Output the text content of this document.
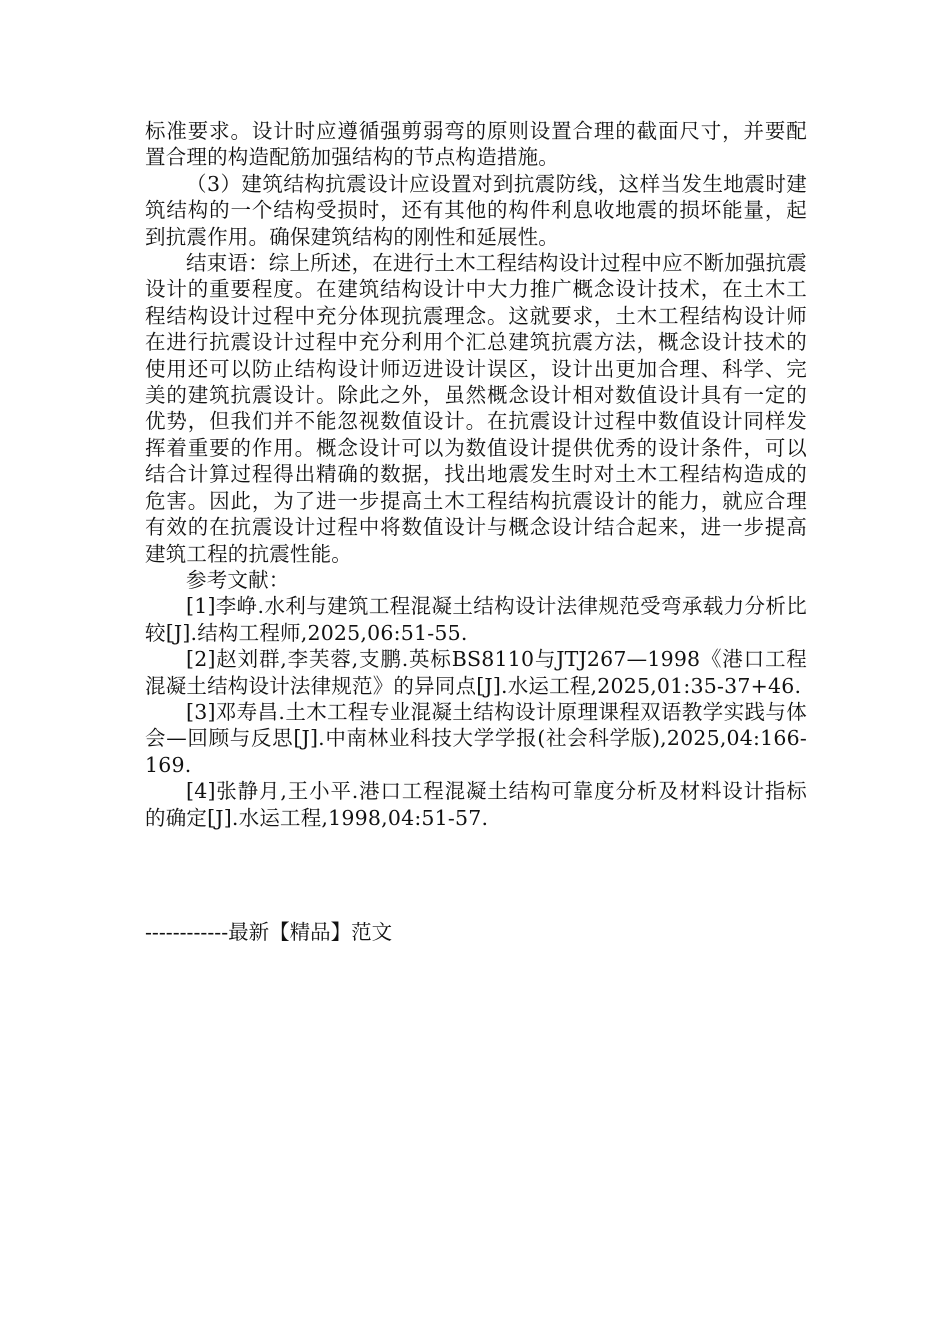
标准要求。设计时应遵循强剪弱弯的原则设置合理的截面尺寸，并要配置合理的构造配筋加强结构的节点构造措施。

（3）建筑结构抗震设计应设置对到抗震防线，这样当发生地震时建筑结构的一个结构受损时，还有其他的构件利息收地震的损坏能量，起到抗震作用。确保建筑结构的刚性和延展性。

结束语：综上所述，在进行土木工程结构设计过程中应不断加强抗震设计的重要程度。在建筑结构设计中大力推广概念设计技术，在土木工程结构设计过程中充分体现抗震理念。这就要求，土木工程结构设计师在进行抗震设计过程中充分利用个汇总建筑抗震方法，概念设计技术的使用还可以防止结构设计师迈进设计误区，设计出更加合理、科学、完美的建筑抗震设计。除此之外，虽然概念设计相对数值设计具有一定的优势，但我们并不能忽视数值设计。在抗震设计过程中数值设计同样发挥着重要的作用。概念设计可以为数值设计提供优秀的设计条件，可以结合计算过程得出精确的数据，找出地震发生时对土木工程结构造成的危害。因此，为了进一步提高土木工程结构抗震设计的能力，就应合理有效的在抗震设计过程中将数值设计与概念设计结合起来，进一步提高建筑工程的抗震性能。

参考文献：

[1]李峥.水利与建筑工程混凝土结构设计法律规范受弯承载力分析比较[J].结构工程师,2025,06:51-55.

[2]赵刘群,李芙蓉,支鹏.英标BS8110与JTJ267—1998《港口工程混凝土结构设计法律规范》的异同点[J].水运工程,2025,01:35-37+46.

[3]邓寿昌.土木工程专业混凝土结构设计原理课程双语教学实践与体会—回顾与反思[J].中南林业科技大学学报(社会科学版),2025,04:166-169.

[4]张静月,王小平.港口工程混凝土结构可靠度分析及材料设计指标的确定[J].水运工程,1998,04:51-57.

------------最新【精品】范文
